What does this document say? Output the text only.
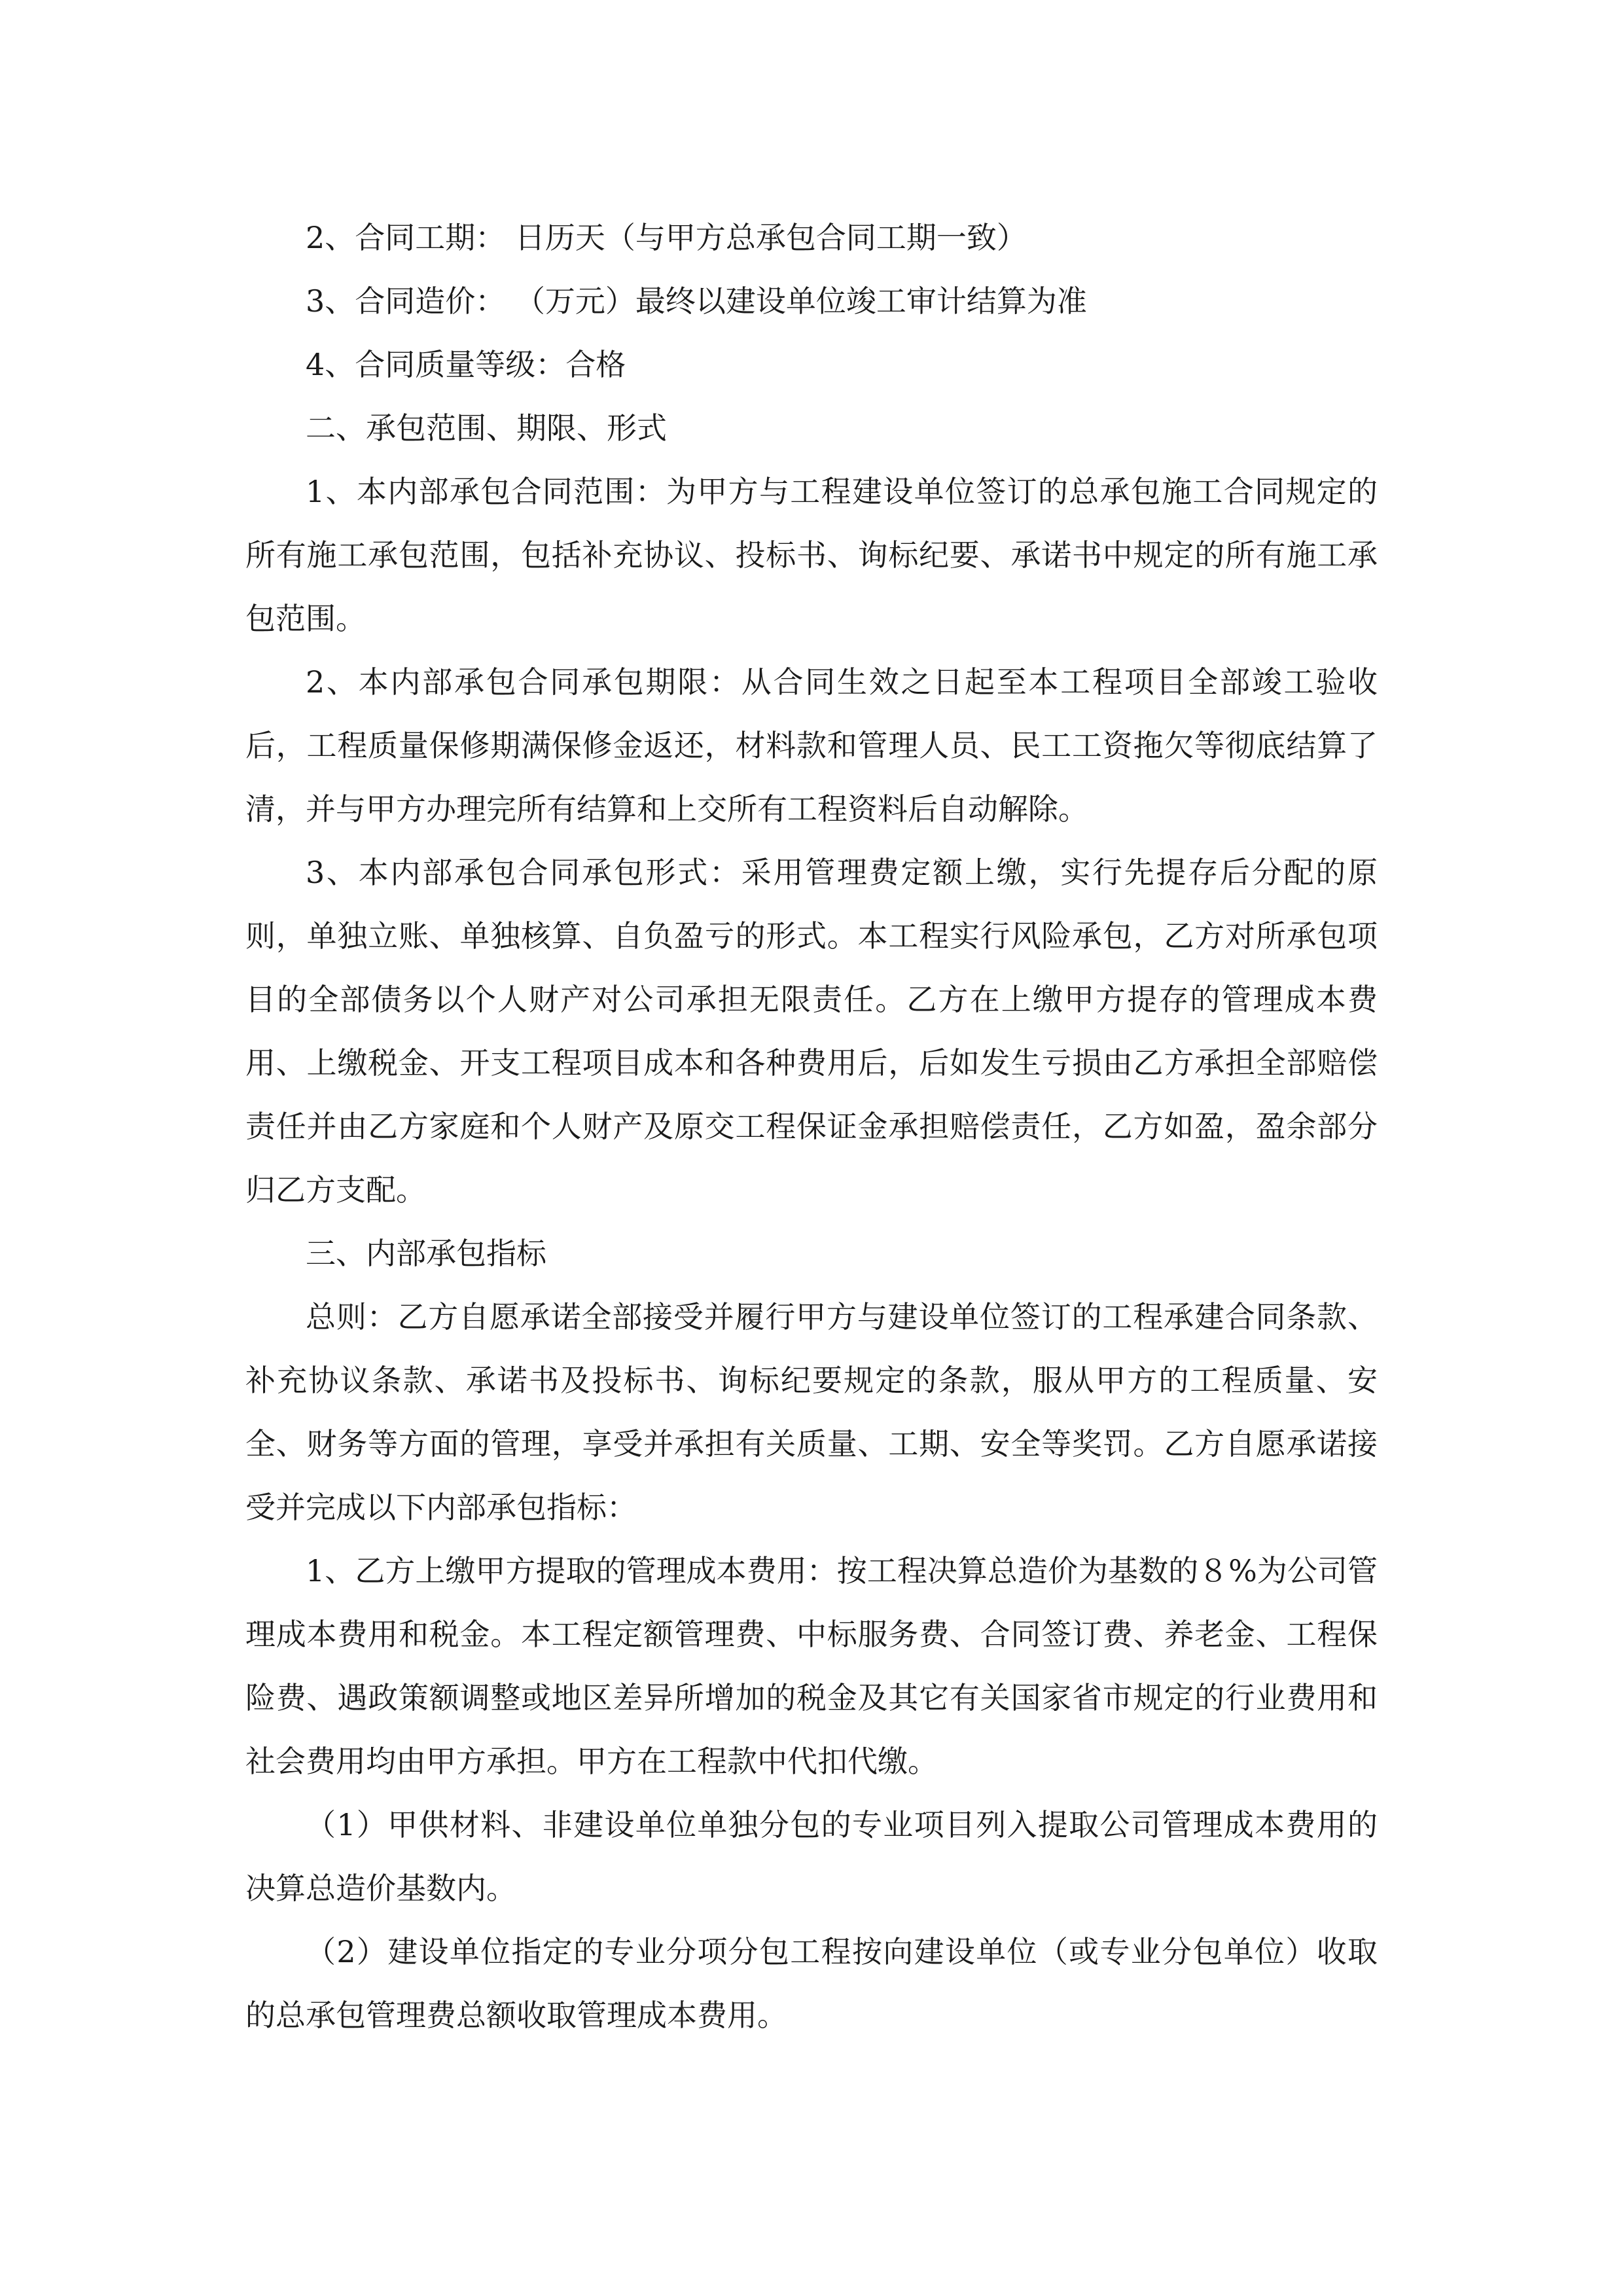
2、合同工期： 日历天（与甲方总承包合同工期一致）

3、合同造价： （万元）最终以建设单位竣工审计结算为准

4、合同质量等级：合格

二、承包范围、期限、形式

1、本内部承包合同范围：为甲方与工程建设单位签订的总承包施工合同规定的所有施工承包范围，包括补充协议、投标书、询标纪要、承诺书中规定的所有施工承包范围。

2、本内部承包合同承包期限：从合同生效之日起至本工程项目全部竣工验收后，工程质量保修期满保修金返还，材料款和管理人员、民工工资拖欠等彻底结算了清，并与甲方办理完所有结算和上交所有工程资料后自动解除。

3、本内部承包合同承包形式：采用管理费定额上缴，实行先提存后分配的原则，单独立账、单独核算、自负盈亏的形式。本工程实行风险承包，乙方对所承包项目的全部债务以个人财产对公司承担无限责任。乙方在上缴甲方提存的管理成本费用、上缴税金、开支工程项目成本和各种费用后，后如发生亏损由乙方承担全部赔偿责任并由乙方家庭和个人财产及原交工程保证金承担赔偿责任，乙方如盈，盈余部分归乙方支配。

三、内部承包指标

总则：乙方自愿承诺全部接受并履行甲方与建设单位签订的工程承建合同条款、补充协议条款、承诺书及投标书、询标纪要规定的条款，服从甲方的工程质量、安全、财务等方面的管理，享受并承担有关质量、工期、安全等奖罚。乙方自愿承诺接受并完成以下内部承包指标：

1、乙方上缴甲方提取的管理成本费用：按工程决算总造价为基数的８%为公司管理成本费用和税金。本工程定额管理费、中标服务费、合同签订费、养老金、工程保险费、遇政策额调整或地区差异所增加的税金及其它有关国家省市规定的行业费用和社会费用均由甲方承担。甲方在工程款中代扣代缴。

（1）甲供材料、非建设单位单独分包的专业项目列入提取公司管理成本费用的决算总造价基数内。

（2）建设单位指定的专业分项分包工程按向建设单位（或专业分包单位）收取的总承包管理费总额收取管理成本费用。
